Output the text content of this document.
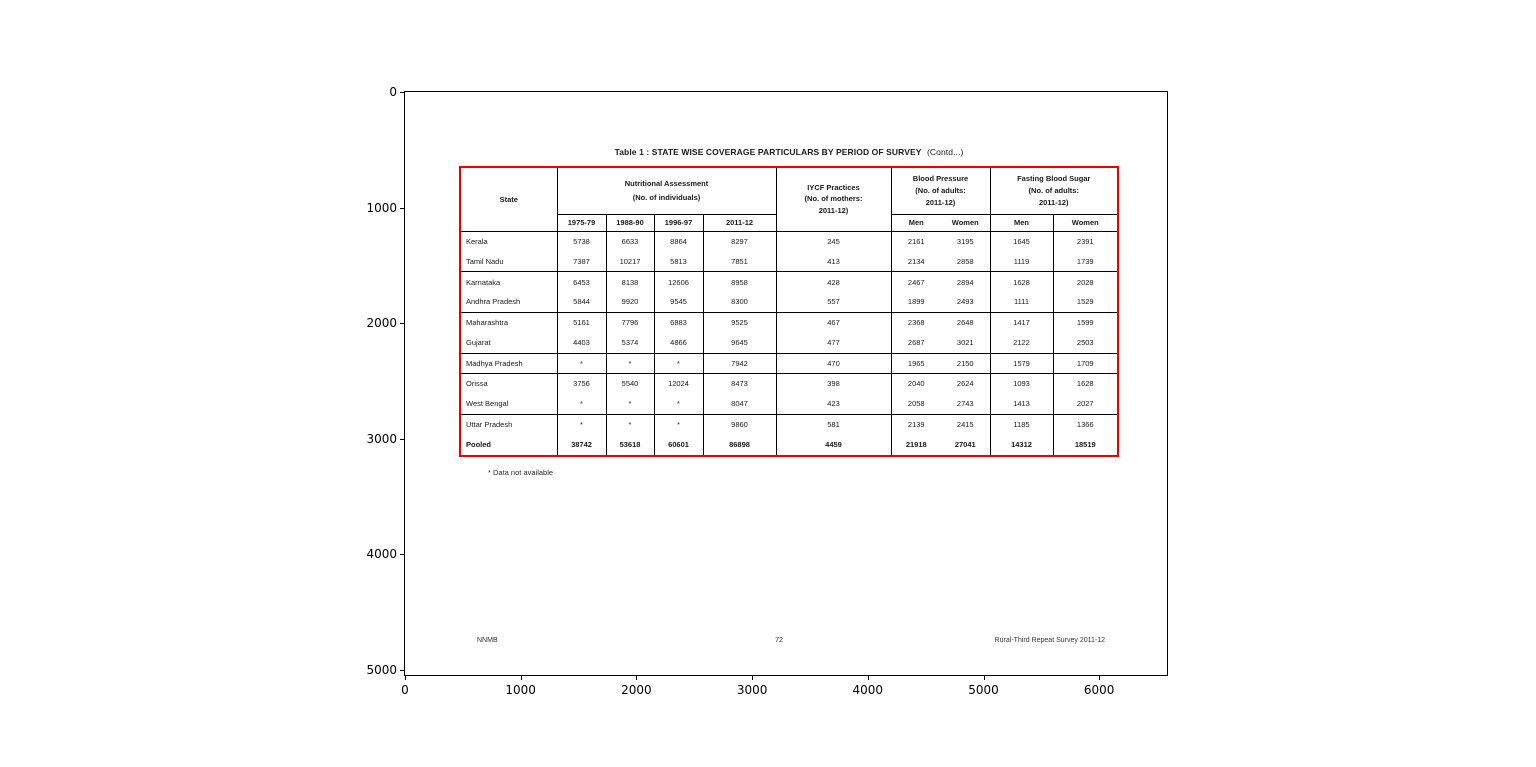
Table 1 : STATE WISE COVERAGE PARTICULARS BY PERIOD OF SURVEY (Contd...)
State	
Nutritional Assessment
(No. of individuals)

IYCF Practices
(No. of mothers:
2011-12)

Blood Pressure
(No. of adults:
2011-12)

Fasting Blood Sugar
(No. of adults:
2011-12)

	1975-79	1988-90	1996-97	2011-12		Men	Women	Men	Women
Kerala	5738	6633	8864	8297	245	2161	3195	1645	2391
Tamil Nadu	7387	10217	5813	7851	413	2134	2858	1119	1739
Karnataka	6453	8138	12606	8958	428	2467	2894	1628	2028
Andhra Pradesh	5844	9920	9545	8300	557	1899	2493	1111	1529
Maharashtra	5161	7796	6883	9525	467	2368	2648	1417	1599
Gujarat	4403	5374	4866	9645	477	2687	3021	2122	2503
Madhya Pradesh	*	*	*	7942	470	1965	2150	1579	1709
Orissa	3756	5540	12024	8473	398	2040	2624	1093	1628
West Bengal	*	*	*	8047	423	2058	2743	1413	2027
Uttar Pradesh	*	*	*	9860	581	2139	2415	1185	1366
Pooled	38742	53618	60601	86898	4459	21918	27041	14312	18519
* Data not available
NNMB	72	Rural-Third Repeat Survey 2011-12
0
1000
2000
3000
4000
5000
0	1000	2000	3000	4000	5000	6000
